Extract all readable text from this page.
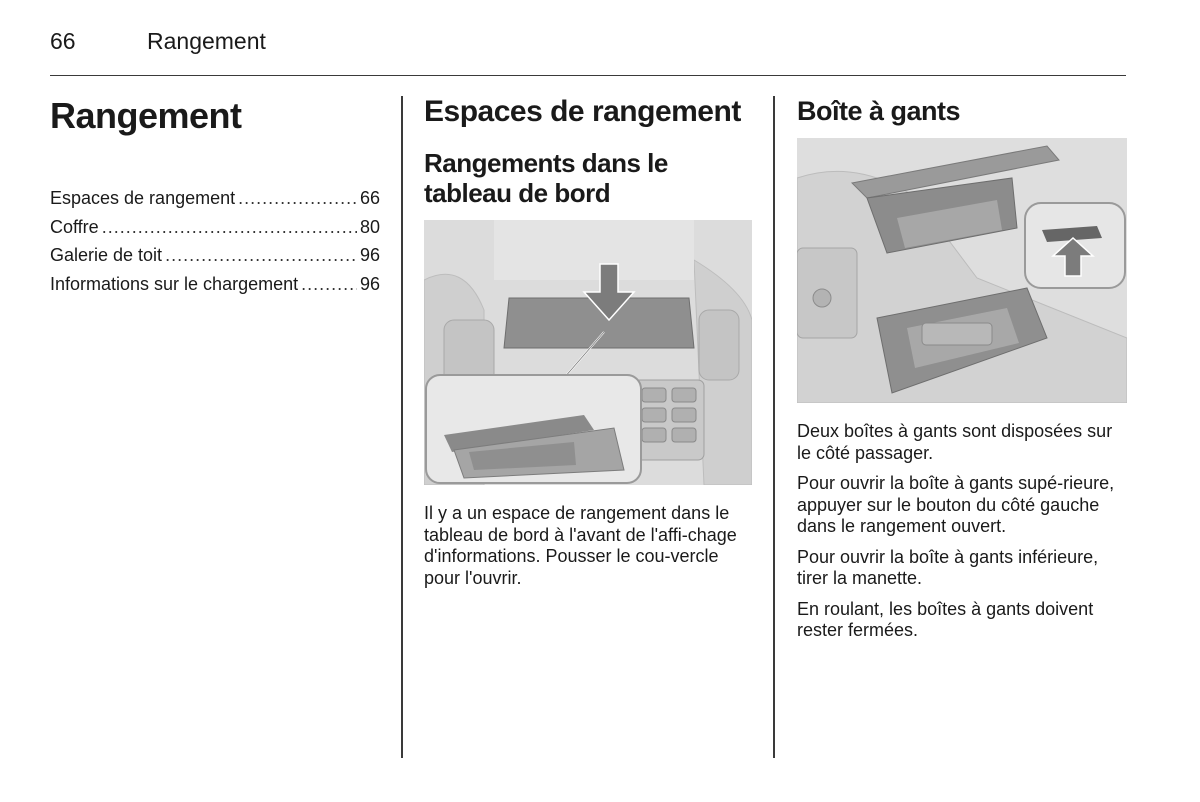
66	Rangement
Rangement
Espaces de rangement .....	66
Coffre .....	80
Galerie de toit .....	96
Informations sur le chargement .....	96
Espaces de rangement
Rangements dans le tableau de bord

Il y a un espace de rangement dans le tableau de bord à l'avant de l'affi-chage d'informations. Pousser le cou-vercle pour l'ouvrir.

Boîte à gants

Deux boîtes à gants sont disposées sur le côté passager.

Pour ouvrir la boîte à gants supé-rieure, appuyer sur le bouton du côté gauche dans le rangement ouvert.

Pour ouvrir la boîte à gants inférieure, tirer la manette.

En roulant, les boîtes à gants doivent rester fermées.
